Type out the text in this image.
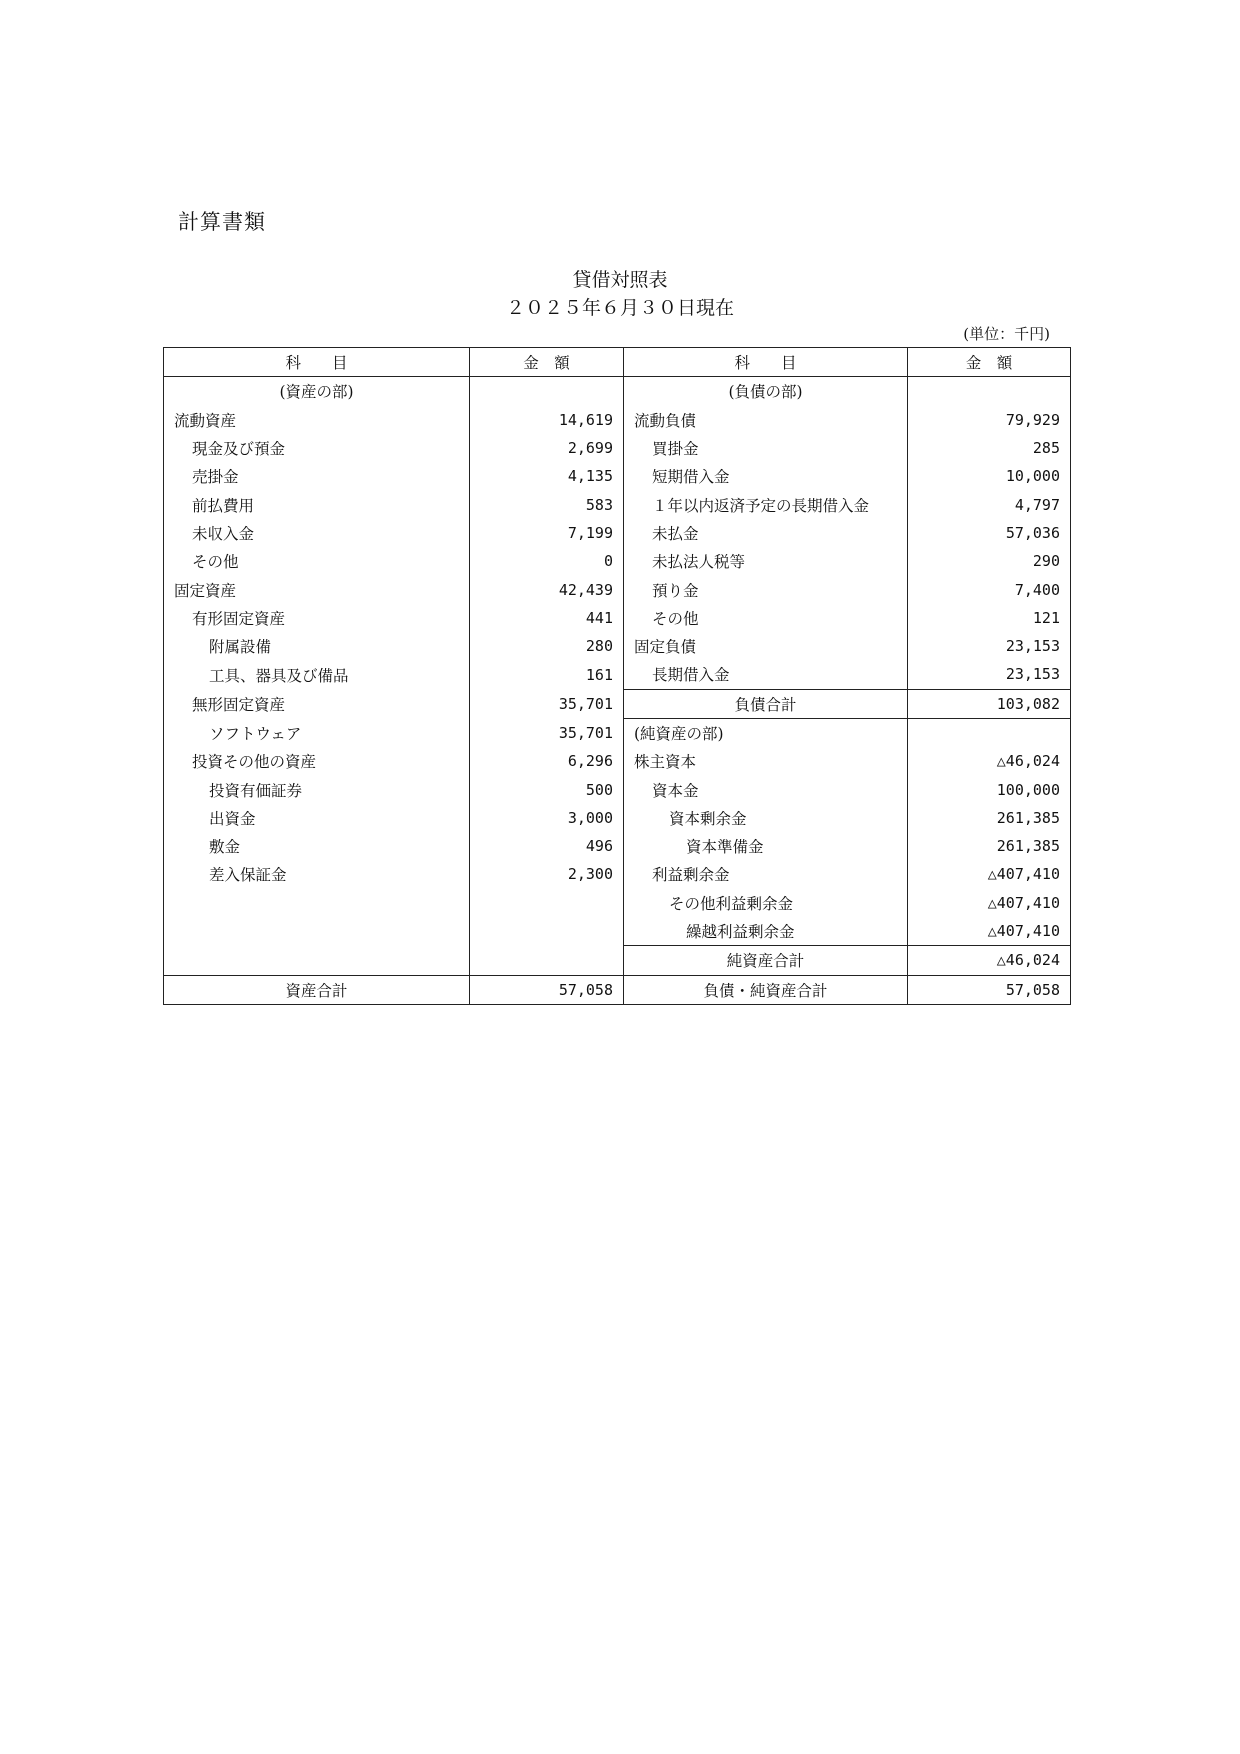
計算書類
貸借対照表
２０２５年６月３０日現在
(単位：千円)
科　　目	金　額	科　　目	金　額
(資産の部)		(負債の部)	
流動資産	14,619	流動負債	79,929
現金及び預金	2,699	買掛金	285
売掛金	4,135	短期借入金	10,000
前払費用	583	１年以内返済予定の長期借入金	4,797
未収入金	7,199	未払金	57,036
その他	0	未払法人税等	290
固定資産	42,439	預り金	7,400
有形固定資産	441	その他	121
附属設備	280	固定負債	23,153
工具、器具及び備品	161	長期借入金	23,153
無形固定資産	35,701	負債合計	103,082
ソフトウェア	35,701	(純資産の部)	
投資その他の資産	6,296	株主資本	△46,024
投資有価証券	500	資本金	100,000
出資金	3,000	資本剰余金	261,385
敷金	496	資本準備金	261,385
差入保証金	2,300	利益剰余金	△407,410
		その他利益剰余金	△407,410
		繰越利益剰余金	△407,410
		純資産合計	△46,024
資産合計	57,058	負債・純資産合計	57,058
